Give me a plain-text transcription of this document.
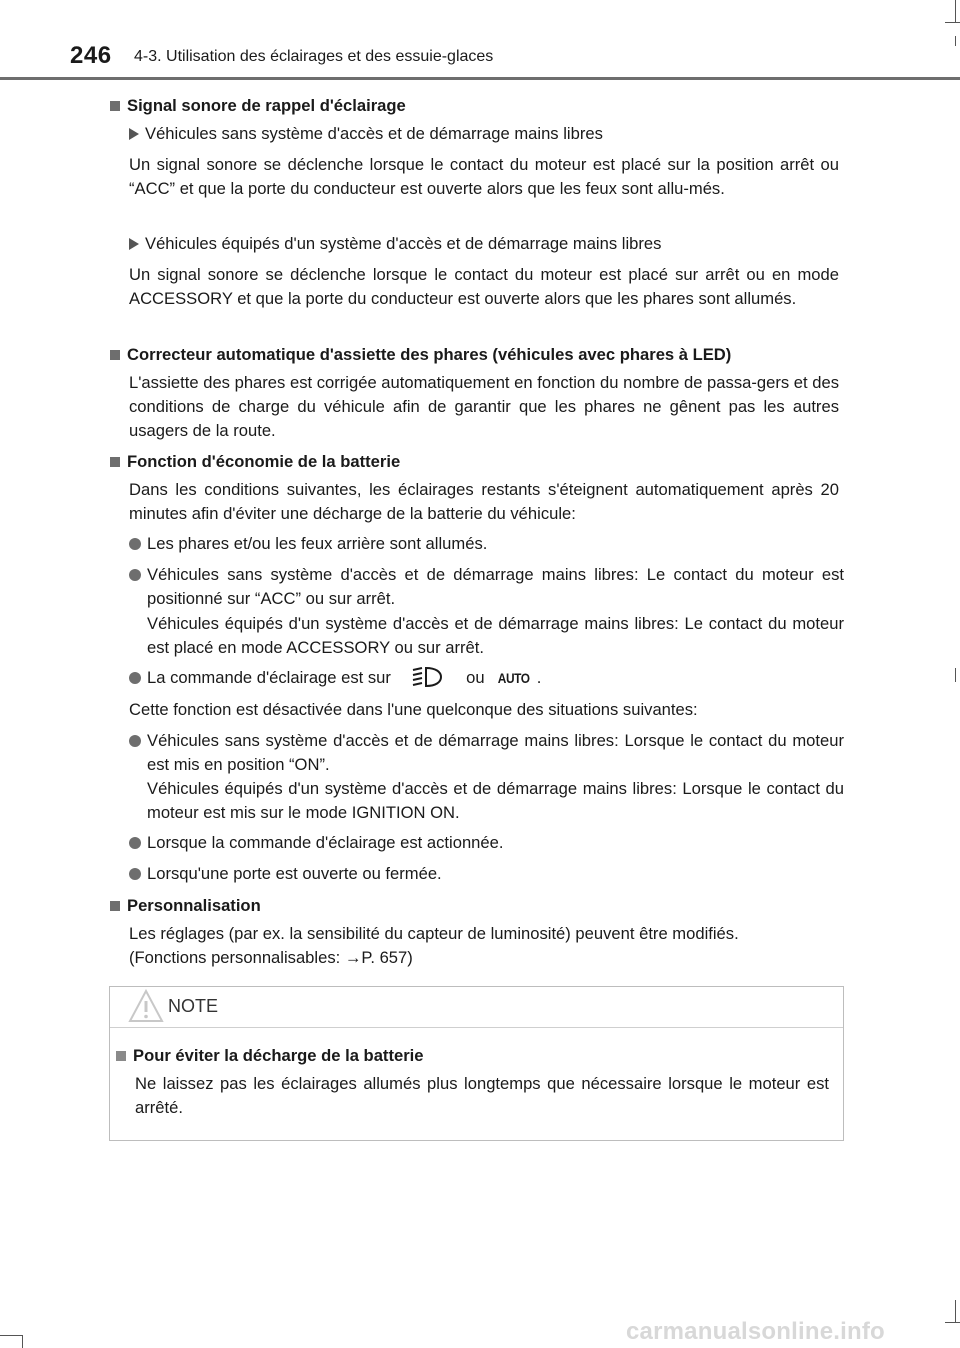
246 4-3. Utilisation des éclairages et des essuie-glaces
Signal sonore de rappel d'éclairage
Véhicules sans système d'accès et de démarrage mains libres
Un signal sonore se déclenche lorsque le contact du moteur est placé sur la position arrêt ou “ACC” et que la porte du conducteur est ouverte alors que les feux sont allu-més.
Véhicules équipés d'un système d'accès et de démarrage mains libres
Un signal sonore se déclenche lorsque le contact du moteur est placé sur arrêt ou en mode ACCESSORY et que la porte du conducteur est ouverte alors que les phares sont allumés.
Correcteur automatique d'assiette des phares (véhicules avec phares à LED)
L'assiette des phares est corrigée automatiquement en fonction du nombre de passa-gers et des conditions de charge du véhicule afin de garantir que les phares ne gênent pas les autres usagers de la route.
Fonction d'économie de la batterie
Dans les conditions suivantes, les éclairages restants s'éteignent automatiquement après 20 minutes afin d'éviter une décharge de la batterie du véhicule:
Les phares et/ou les feux arrière sont allumés.
Véhicules sans système d'accès et de démarrage mains libres: Le contact du moteur est positionné sur “ACC” ou sur arrêt.
Véhicules équipés d'un système d'accès et de démarrage mains libres: Le contact du moteur est placé en mode ACCESSORY ou sur arrêt.
La commande d'éclairage est sur	ou AUTO .
Cette fonction est désactivée dans l'une quelconque des situations suivantes:
Véhicules sans système d'accès et de démarrage mains libres: Lorsque le contact du moteur est mis en position “ON”.
Véhicules équipés d'un système d'accès et de démarrage mains libres: Lorsque le contact du moteur est mis sur le mode IGNITION ON.
Lorsque la commande d'éclairage est actionnée.
Lorsqu'une porte est ouverte ou fermée.
Personnalisation
Les réglages (par ex. la sensibilité du capteur de luminosité) peuvent être modifiés.
(Fonctions personnalisables: →P. 657)
NOTE
Pour éviter la décharge de la batterie
Ne laissez pas les éclairages allumés plus longtemps que nécessaire lorsque le moteur est arrêté.
carmanualsonline.info
